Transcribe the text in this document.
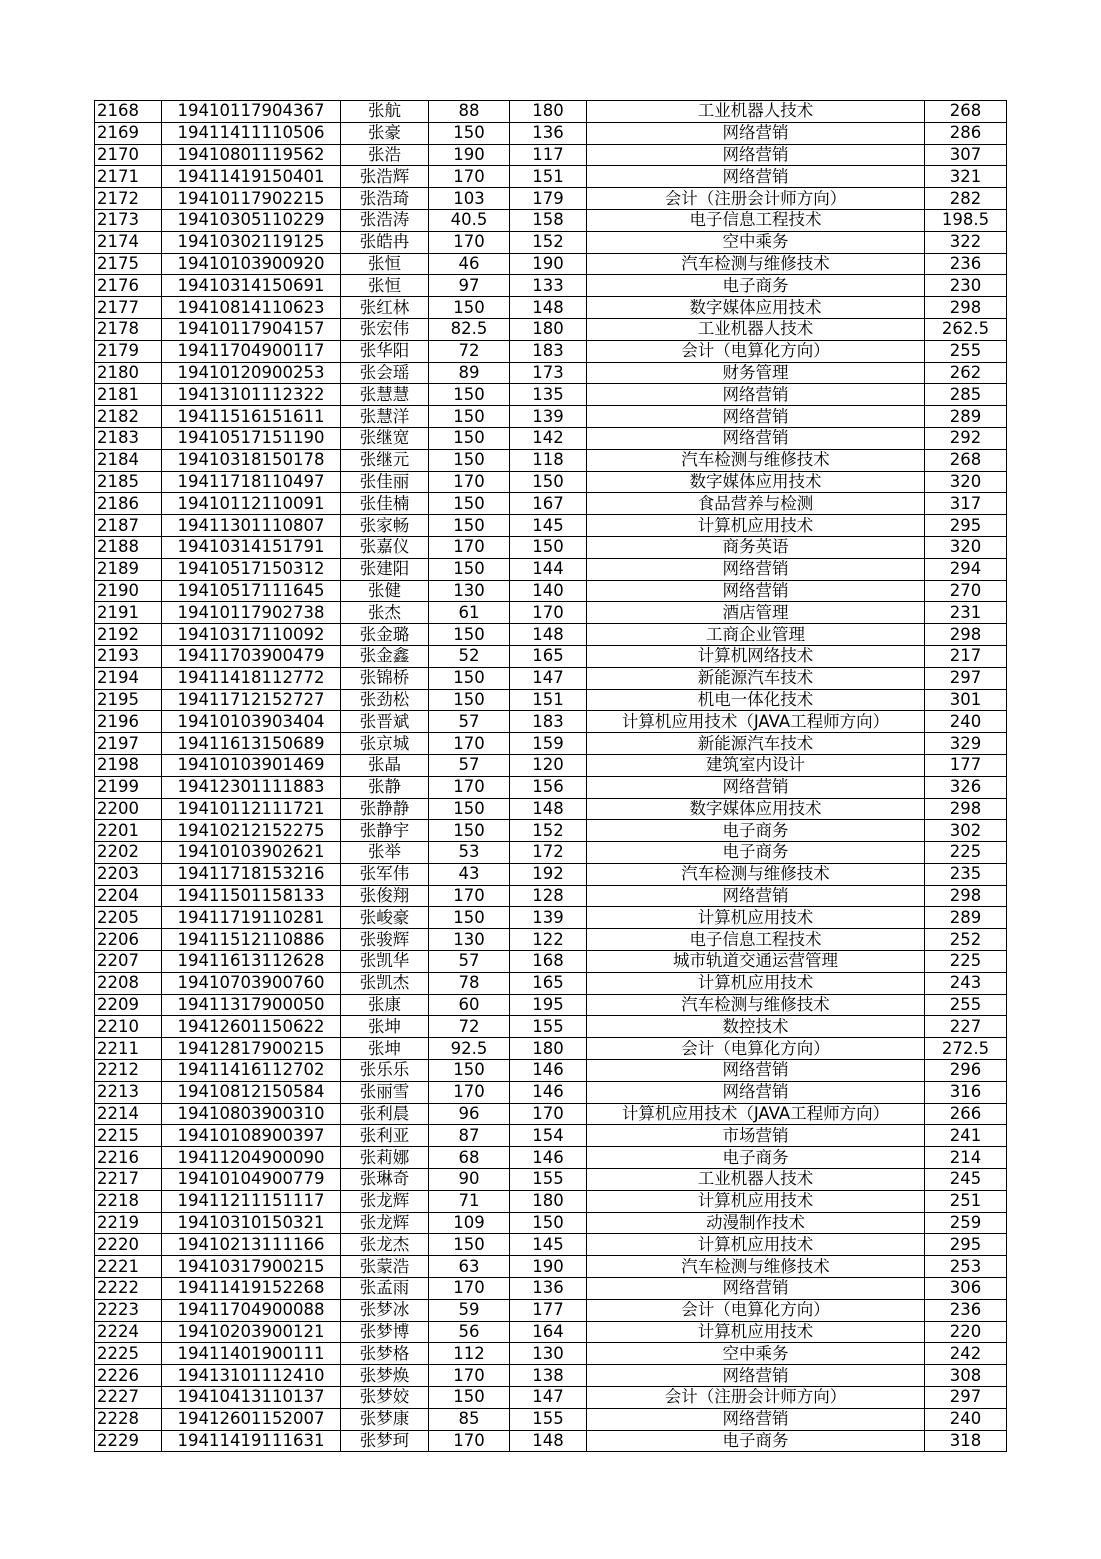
2168	19410117904367	张航	88	180	工业机器人技术	268
2169	19411411110506	张豪	150	136	网络营销	286
2170	19410801119562	张浩	190	117	网络营销	307
2171	19411419150401	张浩辉	170	151	网络营销	321
2172	19410117902215	张浩琦	103	179	会计（注册会计师方向）	282
2173	19410305110229	张浩涛	40.5	158	电子信息工程技术	198.5
2174	19410302119125	张皓冉	170	152	空中乘务	322
2175	19410103900920	张恒	46	190	汽车检测与维修技术	236
2176	19410314150691	张恒	97	133	电子商务	230
2177	19410814110623	张红林	150	148	数字媒体应用技术	298
2178	19410117904157	张宏伟	82.5	180	工业机器人技术	262.5
2179	19411704900117	张华阳	72	183	会计（电算化方向）	255
2180	19410120900253	张会瑶	89	173	财务管理	262
2181	19413101112322	张慧慧	150	135	网络营销	285
2182	19411516151611	张慧洋	150	139	网络营销	289
2183	19410517151190	张继宽	150	142	网络营销	292
2184	19410318150178	张继元	150	118	汽车检测与维修技术	268
2185	19411718110497	张佳丽	170	150	数字媒体应用技术	320
2186	19410112110091	张佳楠	150	167	食品营养与检测	317
2187	19411301110807	张家畅	150	145	计算机应用技术	295
2188	19410314151791	张嘉仪	170	150	商务英语	320
2189	19410517150312	张建阳	150	144	网络营销	294
2190	19410517111645	张健	130	140	网络营销	270
2191	19410117902738	张杰	61	170	酒店管理	231
2192	19410317110092	张金璐	150	148	工商企业管理	298
2193	19411703900479	张金鑫	52	165	计算机网络技术	217
2194	19411418112772	张锦桥	150	147	新能源汽车技术	297
2195	19411712152727	张劲松	150	151	机电一体化技术	301
2196	19410103903404	张晋斌	57	183	计算机应用技术（JAVA工程师方向）	240
2197	19411613150689	张京城	170	159	新能源汽车技术	329
2198	19410103901469	张晶	57	120	建筑室内设计	177
2199	19412301111883	张静	170	156	网络营销	326
2200	19410112111721	张静静	150	148	数字媒体应用技术	298
2201	19410212152275	张静宇	150	152	电子商务	302
2202	19410103902621	张举	53	172	电子商务	225
2203	19411718153216	张军伟	43	192	汽车检测与维修技术	235
2204	19411501158133	张俊翔	170	128	网络营销	298
2205	19411719110281	张峻豪	150	139	计算机应用技术	289
2206	19411512110886	张骏辉	130	122	电子信息工程技术	252
2207	19411613112628	张凯华	57	168	城市轨道交通运营管理	225
2208	19410703900760	张凯杰	78	165	计算机应用技术	243
2209	19411317900050	张康	60	195	汽车检测与维修技术	255
2210	19412601150622	张坤	72	155	数控技术	227
2211	19412817900215	张坤	92.5	180	会计（电算化方向）	272.5
2212	19411416112702	张乐乐	150	146	网络营销	296
2213	19410812150584	张丽雪	170	146	网络营销	316
2214	19410803900310	张利晨	96	170	计算机应用技术（JAVA工程师方向）	266
2215	19410108900397	张利亚	87	154	市场营销	241
2216	19411204900090	张莉娜	68	146	电子商务	214
2217	19410104900779	张琳奇	90	155	工业机器人技术	245
2218	19411211151117	张龙辉	71	180	计算机应用技术	251
2219	19410310150321	张龙辉	109	150	动漫制作技术	259
2220	19410213111166	张龙杰	150	145	计算机应用技术	295
2221	19410317900215	张蒙浩	63	190	汽车检测与维修技术	253
2222	19411419152268	张孟雨	170	136	网络营销	306
2223	19411704900088	张梦冰	59	177	会计（电算化方向）	236
2224	19410203900121	张梦博	56	164	计算机应用技术	220
2225	19411401900111	张梦格	112	130	空中乘务	242
2226	19413101112410	张梦焕	170	138	网络营销	308
2227	19410413110137	张梦姣	150	147	会计（注册会计师方向）	297
2228	19412601152007	张梦康	85	155	网络营销	240
2229	19411419111631	张梦珂	170	148	电子商务	318
